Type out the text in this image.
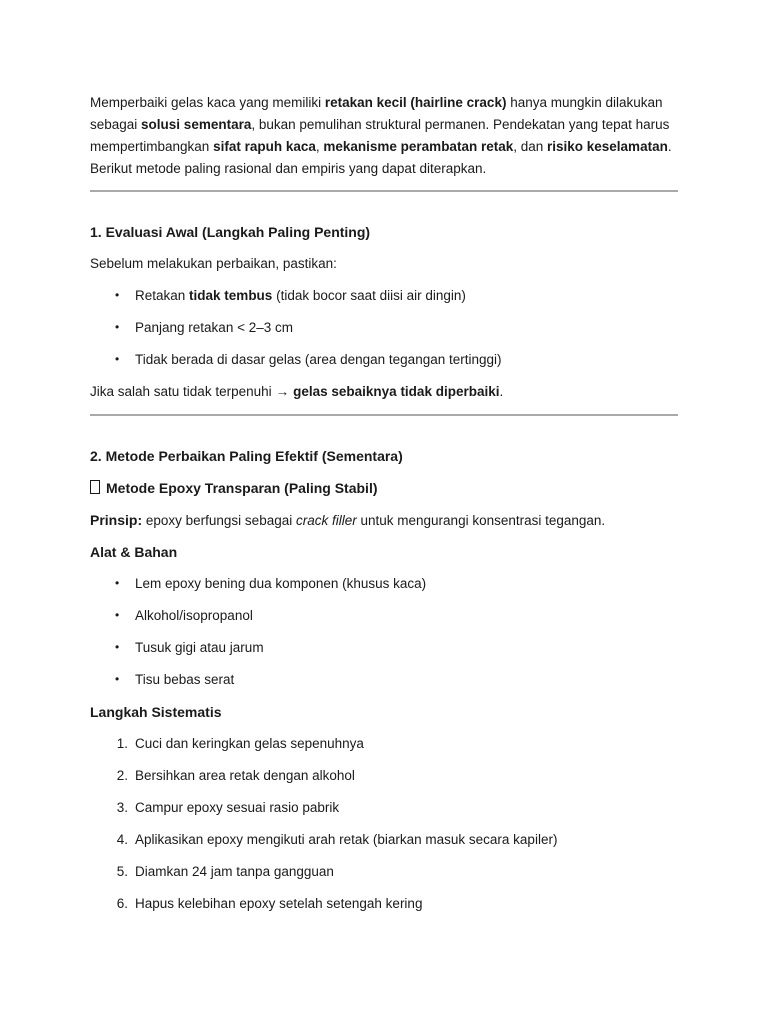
Memperbaiki gelas kaca yang memiliki retakan kecil (hairline crack) hanya mungkin dilakukan sebagai solusi sementara, bukan pemulihan struktural permanen. Pendekatan yang tepat harus mempertimbangkan sifat rapuh kaca, mekanisme perambatan retak, dan risiko keselamatan. Berikut metode paling rasional dan empiris yang dapat diterapkan.
1. Evaluasi Awal (Langkah Paling Penting)
Sebelum melakukan perbaikan, pastikan:
• Retakan tidak tembus (tidak bocor saat diisi air dingin)
• Panjang retakan < 2–3 cm
• Tidak berada di dasar gelas (area dengan tegangan tertinggi)
Jika salah satu tidak terpenuhi → gelas sebaiknya tidak diperbaiki.
2. Metode Perbaikan Paling Efektif (Sementara)
Metode Epoxy Transparan (Paling Stabil)
Prinsip: epoxy berfungsi sebagai crack filler untuk mengurangi konsentrasi tegangan.
Alat & Bahan
• Lem epoxy bening dua komponen (khusus kaca)
• Alkohol/isopropanol
• Tusuk gigi atau jarum
• Tisu bebas serat
Langkah Sistematis
1. Cuci dan keringkan gelas sepenuhnya
2. Bersihkan area retak dengan alkohol
3. Campur epoxy sesuai rasio pabrik
4. Aplikasikan epoxy mengikuti arah retak (biarkan masuk secara kapiler)
5. Diamkan 24 jam tanpa gangguan
6. Hapus kelebihan epoxy setelah setengah kering
